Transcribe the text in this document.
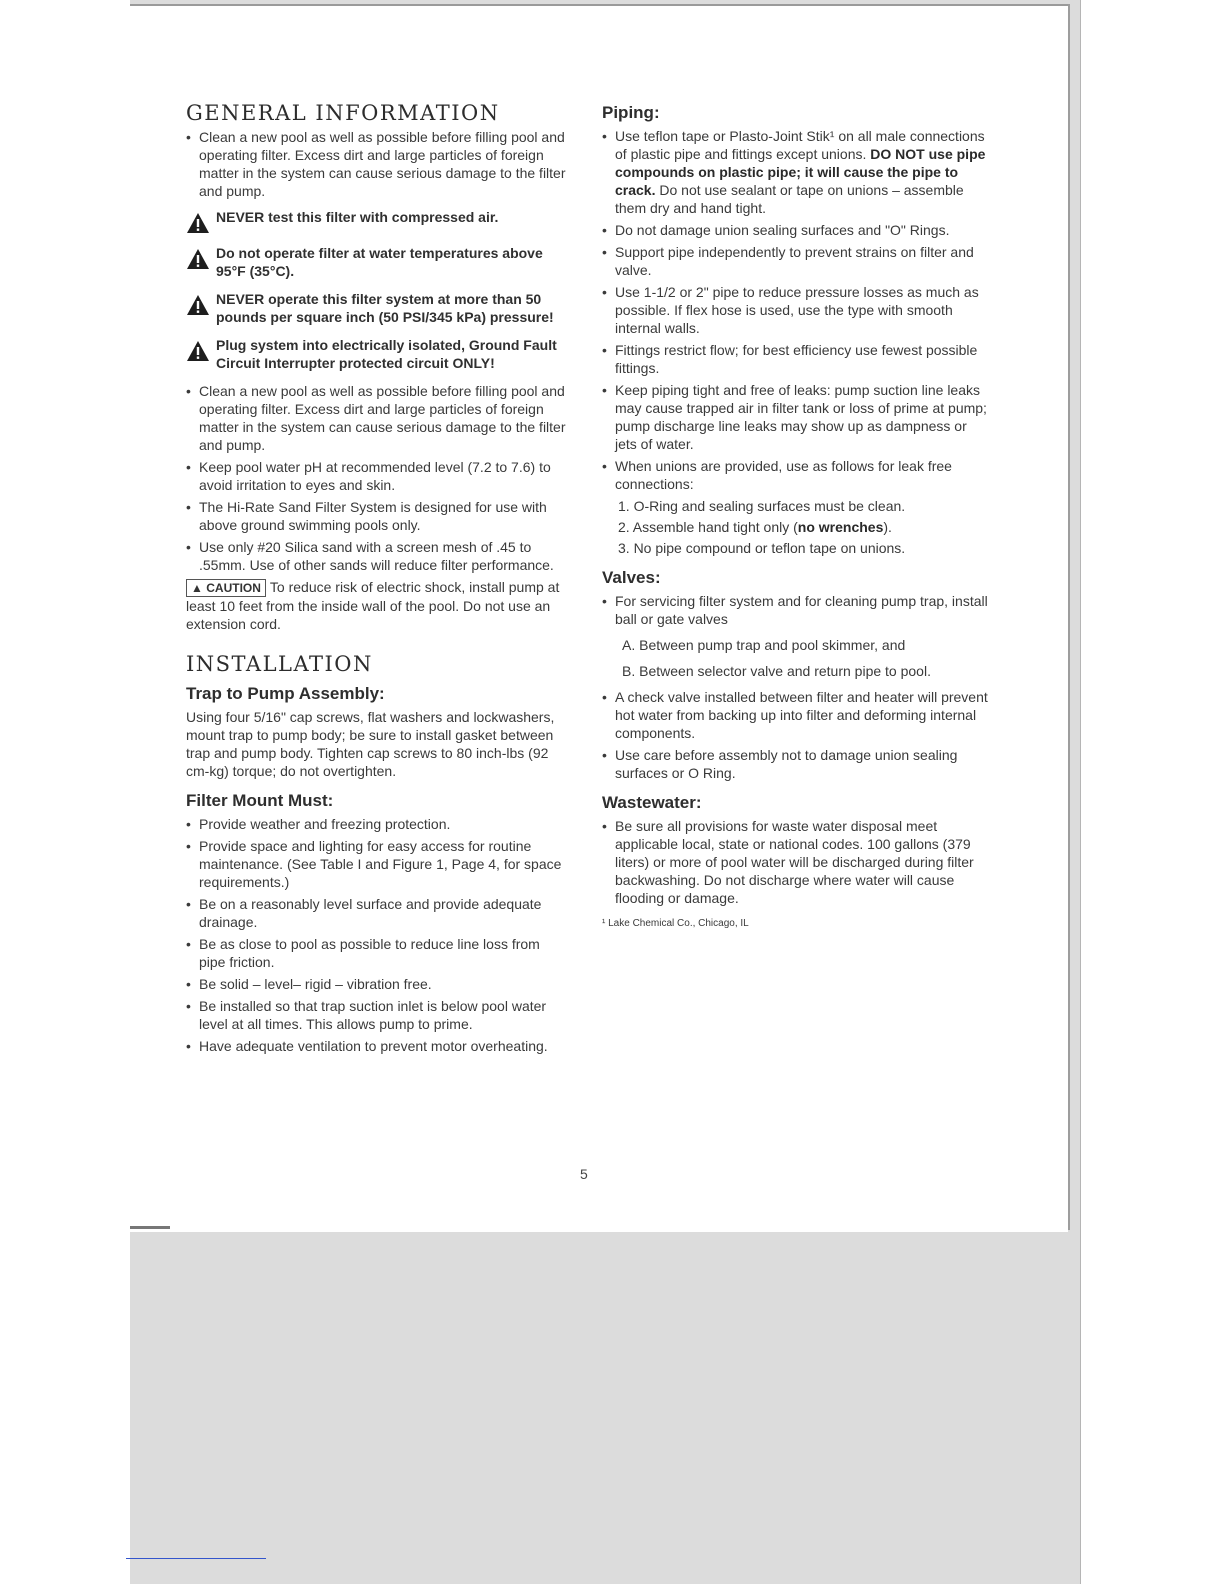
GENERAL INFORMATION
• Clean a new pool as well as possible before filling pool and operating filter. Excess dirt and large particles of foreign matter in the system can cause serious damage to the filter and pump.
NEVER test this filter with compressed air.
Do not operate filter at water temperatures above 95°F (35°C).
NEVER operate this filter system at more than 50 pounds per square inch (50 PSI/345 kPa) pressure!
Plug system into electrically isolated, Ground Fault Circuit Interrupter protected circuit ONLY!
• Clean a new pool as well as possible before filling pool and operating filter. Excess dirt and large particles of foreign matter in the system can cause serious damage to the filter and pump.
• Keep pool water pH at recommended level (7.2 to 7.6) to avoid irritation to eyes and skin.
• The Hi-Rate Sand Filter System is designed for use with above ground swimming pools only.
• Use only #20 Silica sand with a screen mesh of .45 to .55mm. Use of other sands will reduce filter performance.

▲ CAUTION To reduce risk of electric shock, install pump at least 10 feet from the inside wall of the pool. Do not use an extension cord.

INSTALLATION
Trap to Pump Assembly:

Using four 5/16" cap screws, flat washers and lockwashers, mount trap to pump body; be sure to install gasket between trap and pump body. Tighten cap screws to 80 inch-lbs (92 cm-kg) torque; do not overtighten.

Filter Mount Must:
• Provide weather and freezing protection.
• Provide space and lighting for easy access for routine maintenance. (See Table I and Figure 1, Page 4, for space requirements.)
• Be on a reasonably level surface and provide adequate drainage.
• Be as close to pool as possible to reduce line loss from pipe friction.
• Be solid – level– rigid – vibration free.
• Be installed so that trap suction inlet is below pool water level at all times. This allows pump to prime.
• Have adequate ventilation to prevent motor overheating.
Piping:
• Use teflon tape or Plasto-Joint Stik¹ on all male connections of plastic pipe and fittings except unions. DO NOT use pipe compounds on plastic pipe; it will cause the pipe to crack. Do not use sealant or tape on unions – assemble them dry and hand tight.
• Do not damage union sealing surfaces and "O" Rings.
• Support pipe independently to prevent strains on filter and valve.
• Use 1-1/2 or 2" pipe to reduce pressure losses as much as possible. If flex hose is used, use the type with smooth internal walls.
• Fittings restrict flow; for best efficiency use fewest possible fittings.
• Keep piping tight and free of leaks: pump suction line leaks may cause trapped air in filter tank or loss of prime at pump; pump discharge line leaks may show up as dampness or jets of water.
• When unions are provided, use as follows for leak free connections:
1. O-Ring and sealing surfaces must be clean.
2. Assemble hand tight only (no wrenches).
3. No pipe compound or teflon tape on unions.
Valves:
• For servicing filter system and for cleaning pump trap, install ball or gate valves
A. Between pump trap and pool skimmer, and
B. Between selector valve and return pipe to pool.
• A check valve installed between filter and heater will prevent hot water from backing up into filter and deforming internal components.
• Use care before assembly not to damage union sealing surfaces or O Ring.
Wastewater:
• Be sure all provisions for waste water disposal meet applicable local, state or national codes. 100 gallons (379 liters) or more of pool water will be discharged during filter backwashing. Do not discharge where water will cause flooding or damage.
¹ Lake Chemical Co., Chicago, IL
5
